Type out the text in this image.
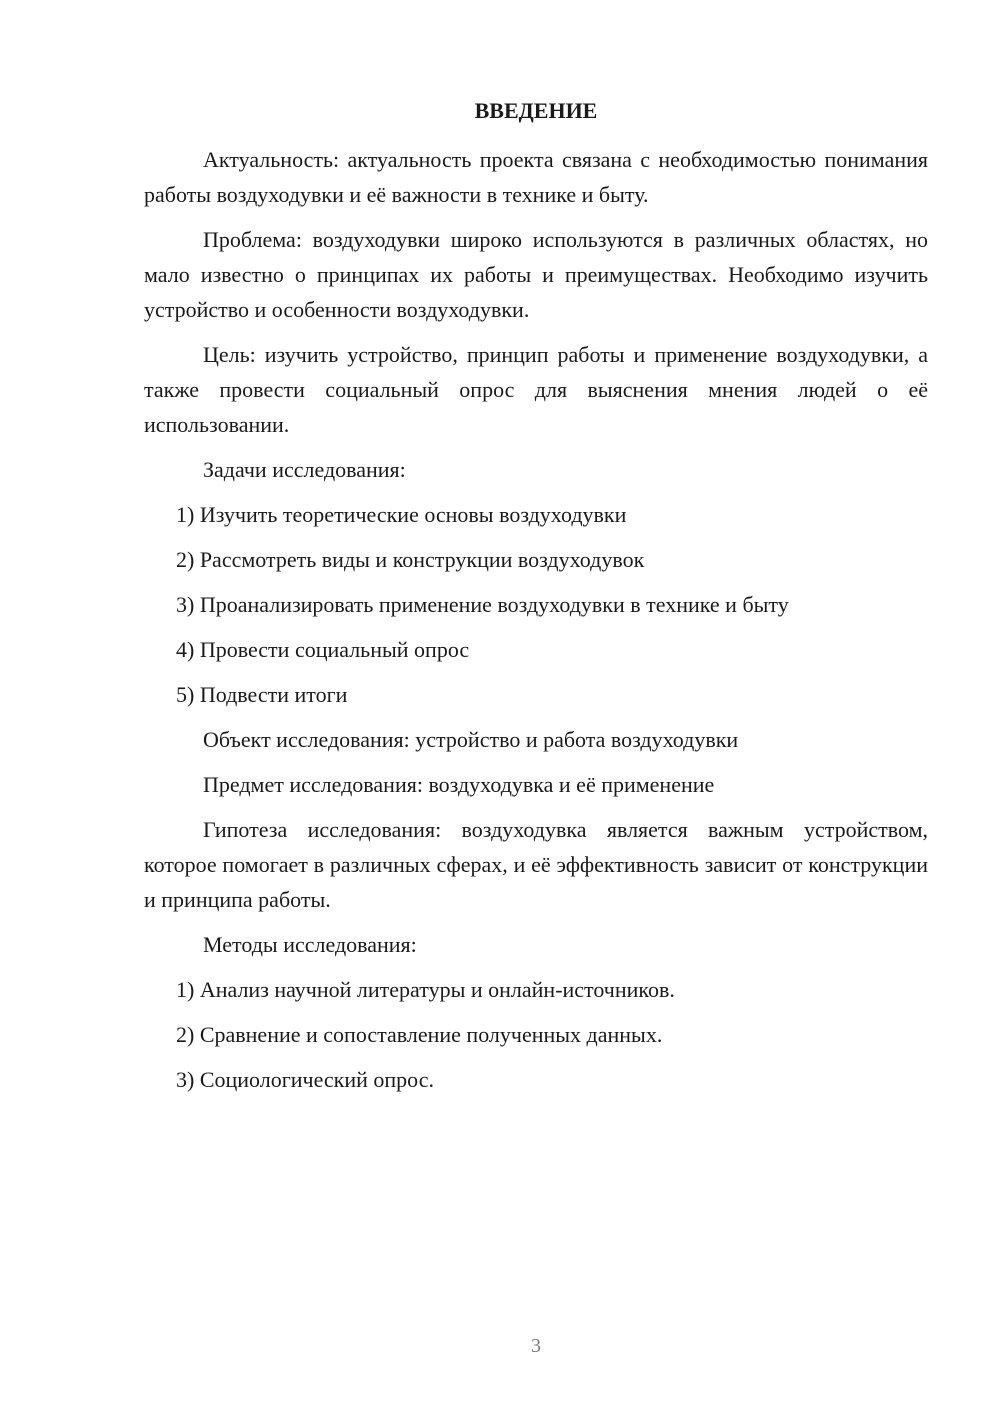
ВВЕДЕНИЕ

Актуальность: актуальность проекта связана с необходимостью понимания работы воздуходувки и её важности в технике и быту.

Проблема: воздуходувки широко используются в различных областях, но мало известно о принципах их работы и преимуществах. Необходимо изучить устройство и особенности воздуходувки.

Цель: изучить устройство, принцип работы и применение воздуходувки, а также провести социальный опрос для выяснения мнения людей о её использовании.

Задачи исследования:

1) Изучить теоретические основы воздуходувки

2) Рассмотреть виды и конструкции воздуходувок

3) Проанализировать применение воздуходувки в технике и быту

4) Провести социальный опрос

5) Подвести итоги

Объект исследования: устройство и работа воздуходувки

Предмет исследования: воздуходувка и её применение

Гипотеза исследования: воздуходувка является важным устройством, которое помогает в различных сферах, и её эффективность зависит от конструкции и принципа работы.

Методы исследования:

1) Анализ научной литературы и онлайн-источников.

2) Сравнение и сопоставление полученных данных.

3) Социологический опрос.

3
